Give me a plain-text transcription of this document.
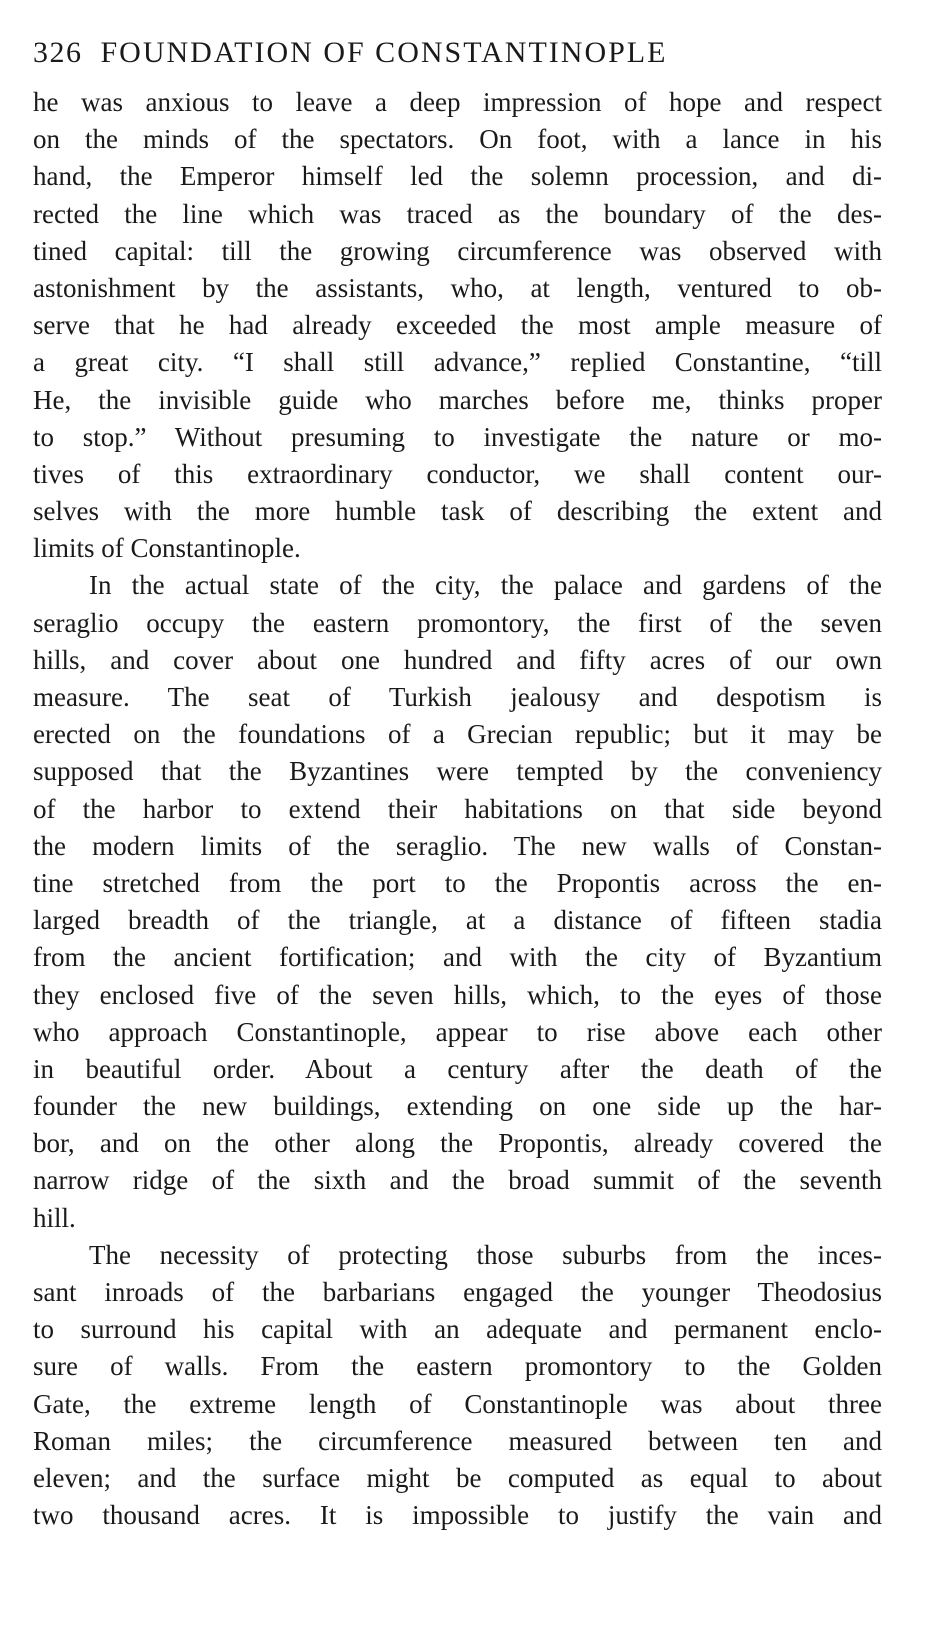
326 FOUNDATION OF CONSTANTINOPLE
he was anxious to leave a deep impression of hope and respect
on the minds of the spectators. On foot, with a lance in his
hand, the Emperor himself led the solemn procession, and di-
rected the line which was traced as the boundary of the des-
tined capital: till the growing circumference was observed with
astonishment by the assistants, who, at length, ventured to ob-
serve that he had already exceeded the most ample measure of
a great city. “I shall still advance,” replied Constantine, “till
He, the invisible guide who marches before me, thinks proper
to stop.” Without presuming to investigate the nature or mo-
tives of this extraordinary conductor, we shall content our-
selves with the more humble task of describing the extent and
limits of Constantinople.
In the actual state of the city, the palace and gardens of the
seraglio occupy the eastern promontory, the first of the seven
hills, and cover about one hundred and fifty acres of our own
measure. The seat of Turkish jealousy and despotism is
erected on the foundations of a Grecian republic; but it may be
supposed that the Byzantines were tempted by the conveniency
of the harbor to extend their habitations on that side beyond
the modern limits of the seraglio. The new walls of Constan-
tine stretched from the port to the Propontis across the en-
larged breadth of the triangle, at a distance of fifteen stadia
from the ancient fortification; and with the city of Byzantium
they enclosed five of the seven hills, which, to the eyes of those
who approach Constantinople, appear to rise above each other
in beautiful order. About a century after the death of the
founder the new buildings, extending on one side up the har-
bor, and on the other along the Propontis, already covered the
narrow ridge of the sixth and the broad summit of the seventh
hill.
The necessity of protecting those suburbs from the inces-
sant inroads of the barbarians engaged the younger Theodosius
to surround his capital with an adequate and permanent enclo-
sure of walls. From the eastern promontory to the Golden
Gate, the extreme length of Constantinople was about three
Roman miles; the circumference measured between ten and
eleven; and the surface might be computed as equal to about
two thousand acres. It is impossible to justify the vain and
